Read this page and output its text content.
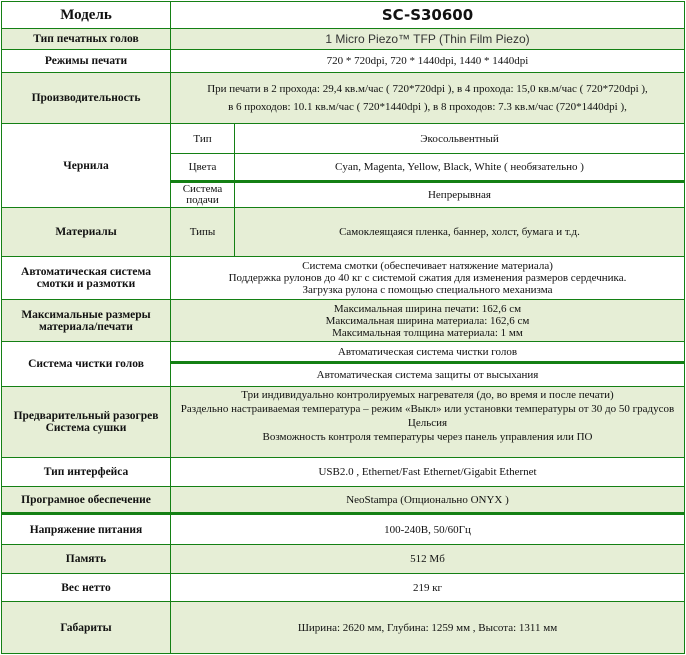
Модель	SC-S30600	
Тип печатных голов	1 Micro Piezo™ TFP (Thin Film Piezo)	
Режимы печати	720 * 720dpi, 720 * 1440dpi, 1440 * 1440dpi	
Производительность	При печати в 2 прохода: 29,4 кв.м/час ( 720*720dpi ), в 4 прохода: 15,0 кв.м/час ( 720*720dpi ),
в 6 проходов: 10.1 кв.м/час ( 720*1440dpi ), в 8 проходов: 7.3 кв.м/час (720*1440dpi ),	

Чернила	Тип	Экосольвентный
	Цвета	Cyan, Magenta, Yellow, Black, White ( необязательно )
	Система подачи	Непрерывная
Материалы	Типы	Самоклеящаяся пленка, баннер, холст, бумага и т.д.
Автоматическая система смотки и размотки	Система смотки (обеспечивает натяжение материала)
Поддержка рулонов до 40 кг с системой сжатия для изменения размеров сердечника.
Загрузка рулона с помощью специального механизма	

Максимальные размеры материала/печати	Максимальная ширина печати: 162,6 см
Максимальная ширина материала: 162,6 см
Максимальная толщина материала: 1 мм	

Система чистки голов	Автоматическая система чистки голов	
	Автоматическая система защиты от высыхания	
Предварительный разогрев Система сушки	Три индивидуально контролируемых нагревателя (до, во время и после печати)
Раздельно настраиваемая температура – режим «Выкл» или установки температуры от 30 до 50 градусов Цельсия
Возможность контроля температуры через панель управления или ПО	

Тип интерфейса	USB2.0 , Ethernet/Fast Ethernet/Gigabit Ethernet	
Програмное обеспечение	NeoStampa (Опционально ONYX )	
Напряжение питания	100-240В, 50/60Гц	
Память	512 Мб	
Вес нетто	219 кг	
Габариты	Ширина: 2620 мм, Глубина: 1259 мм , Высота: 1311 мм	
